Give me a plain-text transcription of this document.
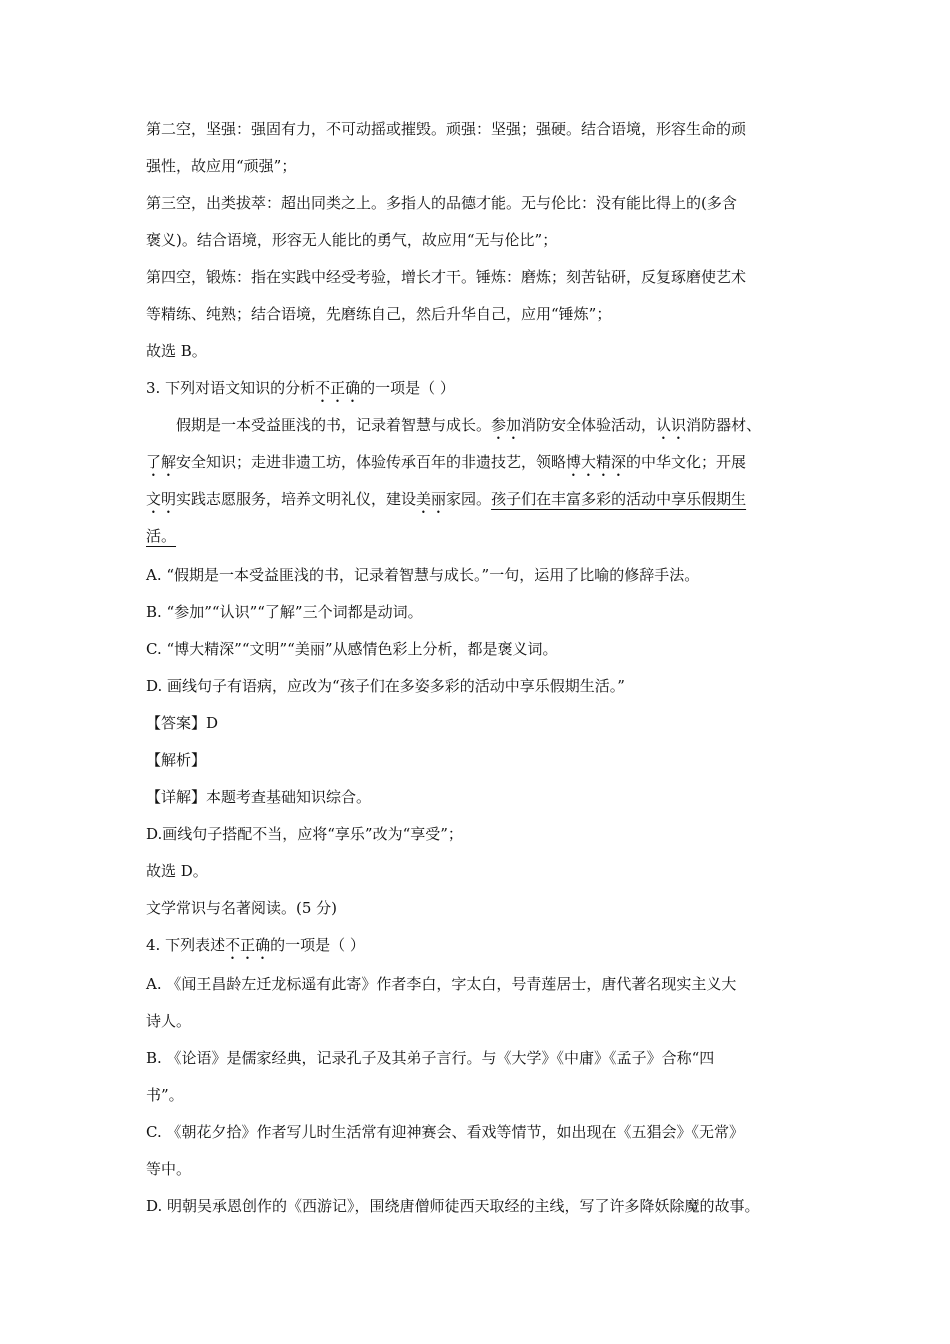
第二空，坚强：强固有力，不可动摇或摧毁。顽强：坚强；强硬。结合语境，形容生命的顽
强性，故应用“顽强”；
第三空，出类拔萃：超出同类之上。多指人的品德才能。无与伦比：没有能比得上的(多含
褒义)。结合语境，形容无人能比的勇气，故应用“无与伦比”；
第四空，锻炼：指在实践中经受考验，增长才干。锤炼：磨炼；刻苦钻研，反复琢磨使艺术
等精练、纯熟；结合语境，先磨练自己，然后升华自己，应用“锤炼”；
故选 B。
3. 下列对语文知识的分析不正确的一项是（ ）
假期是一本受益匪浅的书，记录着智慧与成长。参加消防安全体验活动，认识消防器材、
了解安全知识；走进非遗工坊，体验传承百年的非遗技艺，领略博大精深的中华文化；开展
文明实践志愿服务，培养文明礼仪，建设美丽家园。孩子们在丰富多彩的活动中享乐假期生
活。
A. “假期是一本受益匪浅的书，记录着智慧与成长。”一句，运用了比喻的修辞手法。
B. “参加”“认识”“了解”三个词都是动词。
C. “博大精深”“文明”“美丽”从感情色彩上分析，都是褒义词。
D. 画线句子有语病，应改为“孩子们在多姿多彩的活动中享乐假期生活。”
【答案】D
【解析】
【详解】本题考查基础知识综合。
D.画线句子搭配不当，应将“享乐”改为“享受”；
故选 D。
文学常识与名著阅读。(5 分)
4. 下列表述不正确的一项是（ ）
A. 《闻王昌龄左迁龙标遥有此寄》作者李白，字太白，号青莲居士，唐代著名现实主义大
诗人。
B. 《论语》是儒家经典，记录孔子及其弟子言行。与《大学》《中庸》《孟子》合称“四
书”。
C. 《朝花夕拾》作者写儿时生活常有迎神赛会、看戏等情节，如出现在《五猖会》《无常》
等中。
D. 明朝吴承恩创作的《西游记》，围绕唐僧师徒西天取经的主线，写了许多降妖除魔的故事。
